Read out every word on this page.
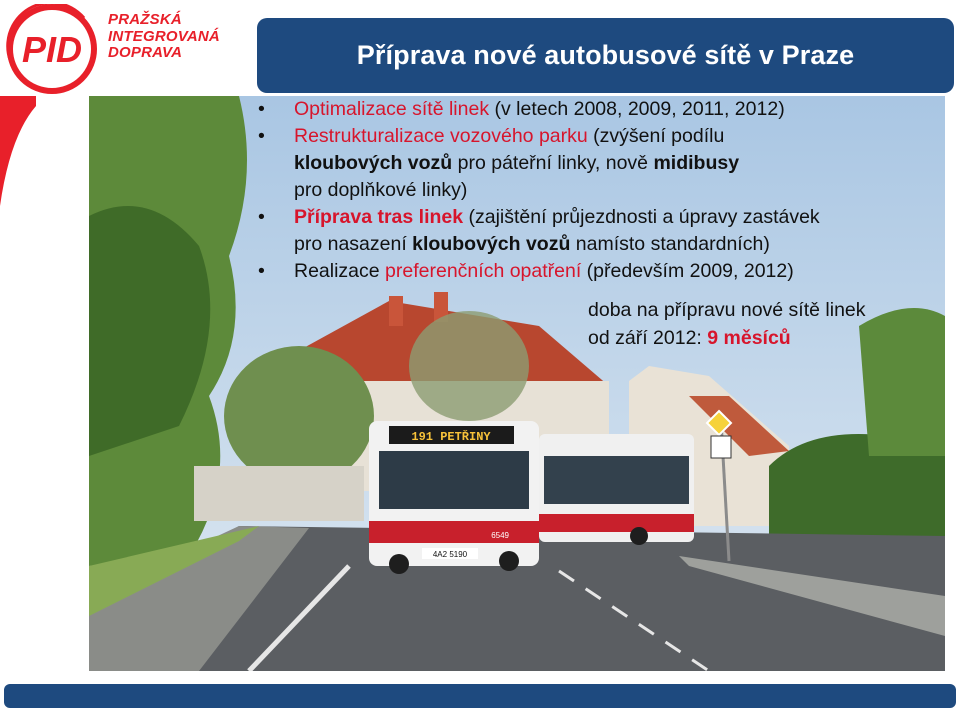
PID
PRAŽSKÁ
INTEGROVANÁ
DOPRAVA	Příprava nové autobusové sítě v Praze
191 PETŘINY
6549
4A2 5190
• Optimalizace sítě linek (v letech 2008, 2009, 2011, 2012)
• Restrukturalizace vozového parku (zvýšení podílu
kloubových vozů pro páteřní linky, nově midibusy
pro doplňkové linky)
• Příprava tras linek (zajištění průjezdnosti a úpravy zastávek
pro nasazení kloubových vozů namísto standardních)
• Realizace preferenčních opatření (především 2009, 2012)
doba na přípravu nové sítě linek
od září 2012: 9 měsíců
